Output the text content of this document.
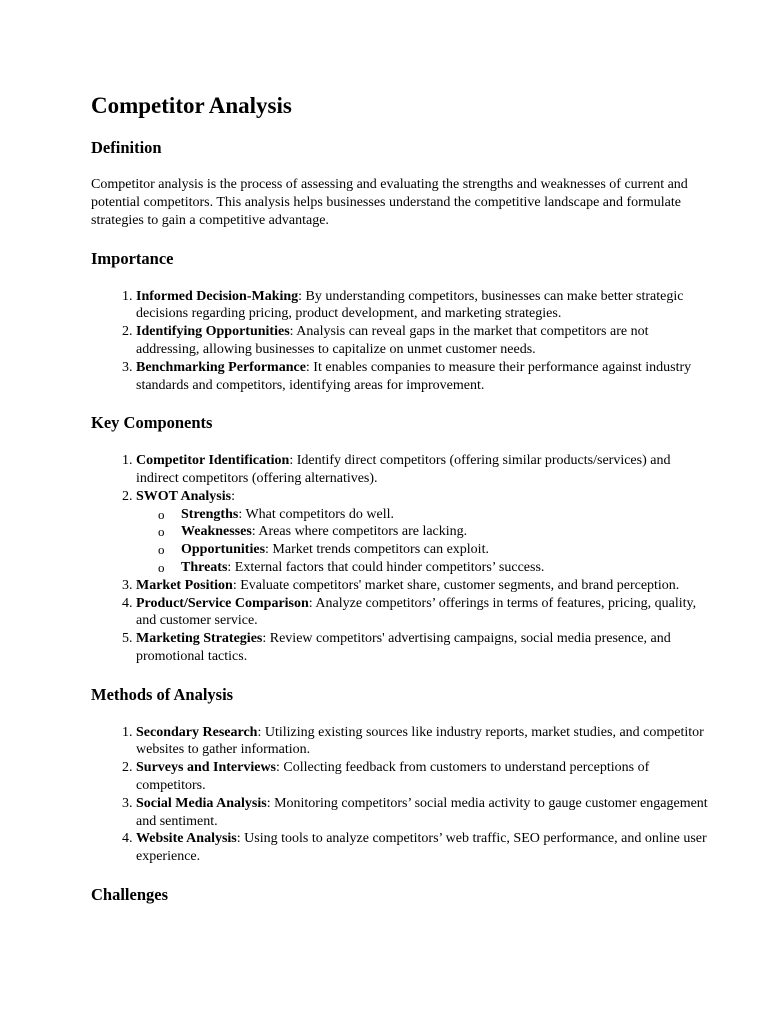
Competitor Analysis
Definition

Competitor analysis is the process of assessing and evaluating the strengths and weaknesses of current and potential competitors. This analysis helps businesses understand the competitive landscape and formulate strategies to gain a competitive advantage.

Importance
1. Informed Decision-Making: By understanding competitors, businesses can make better strategic decisions regarding pricing, product development, and marketing strategies.
2. Identifying Opportunities: Analysis can reveal gaps in the market that competitors are not addressing, allowing businesses to capitalize on unmet customer needs.
3. Benchmarking Performance: It enables companies to measure their performance against industry standards and competitors, identifying areas for improvement.
Key Components
1. Competitor Identification: Identify direct competitors (offering similar products/services) and indirect competitors (offering alternatives).
2. SWOT Analysis:
o Strengths: What competitors do well.
o Weaknesses: Areas where competitors are lacking.
o Opportunities: Market trends competitors can exploit.
o Threats: External factors that could hinder competitors’ success.
3. Market Position: Evaluate competitors' market share, customer segments, and brand perception.
4. Product/Service Comparison: Analyze competitors’ offerings in terms of features, pricing, quality, and customer service.
5. Marketing Strategies: Review competitors' advertising campaigns, social media presence, and promotional tactics.
Methods of Analysis
1. Secondary Research: Utilizing existing sources like industry reports, market studies, and competitor websites to gather information.
2. Surveys and Interviews: Collecting feedback from customers to understand perceptions of competitors.
3. Social Media Analysis: Monitoring competitors’ social media activity to gauge customer engagement and sentiment.
4. Website Analysis: Using tools to analyze competitors’ web traffic, SEO performance, and online user experience.
Challenges
